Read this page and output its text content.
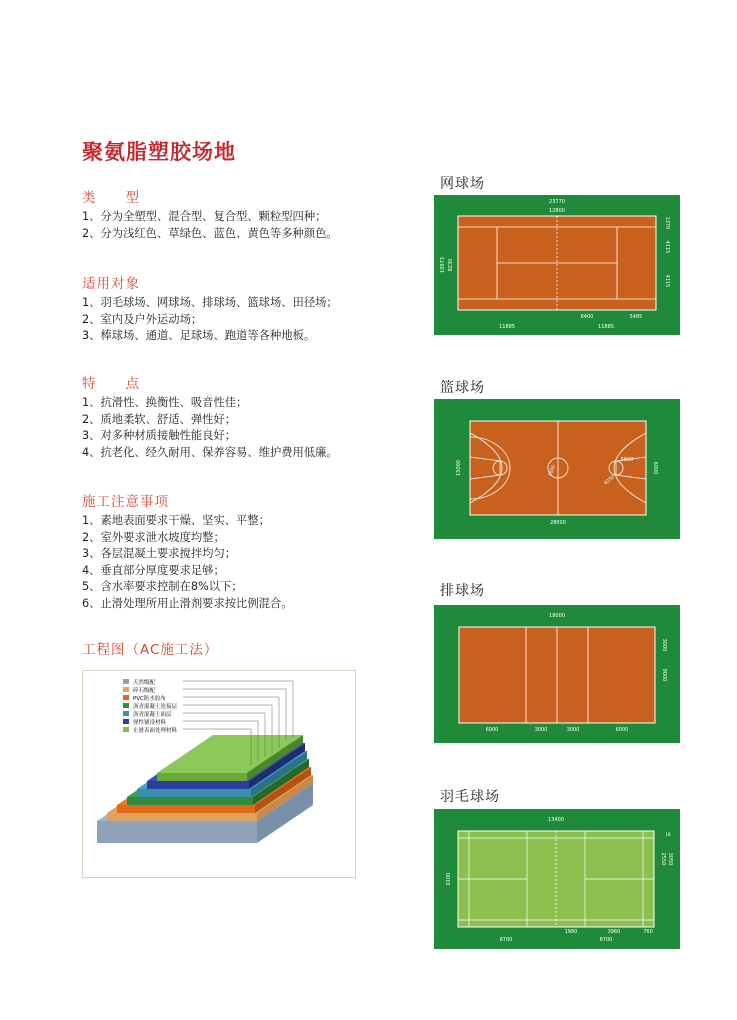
聚氨脂塑胶场地
类　　型
1、分为全塑型、混合型、复合型、颗粒型四种；
2、分为浅红色、草绿色、蓝色、黄色等多种颜色。
适用对象
1、羽毛球场、网球场、排球场、篮球场、田径场；
2、室内及户外运动场；
3、棒球场、通道、足球场、跑道等各种地板。
特　　点
1、抗滑性、换衡性、吸音性佳；
2、质地柔软、舒适、弹性好；
3、对多种材质接触性能良好；
4、抗老化、经久耐用、保养容易、维护费用低廉。
施工注意事项
1、素地表面要求干燥、坚实、平整；
2、室外要求泄水坡度均整；
3、各层混凝土要求搅拌均匀；
4、垂直部分厚度要求足够；
5、含水率要求控制在8%以下；
6、止滑处理所用止滑剂要求按比例混合。
工程图（AC施工法）
天然级配
碎石级配
PVC防水胶布
沥青混凝土连接层
沥青混凝土面层
弹性铺设材料
止滑表面处理材料
网球场
23770
12800
10973 8230
1370
4115
4115
6400	5485
11885	11885
篮球场
15000
28000
6000
5800
1800
6250
排球场
18000
3000
9000
6000	3000	3000	6000
羽毛球场
13400
6100
2550 3050
760
1980	3960
6700	6700
18
